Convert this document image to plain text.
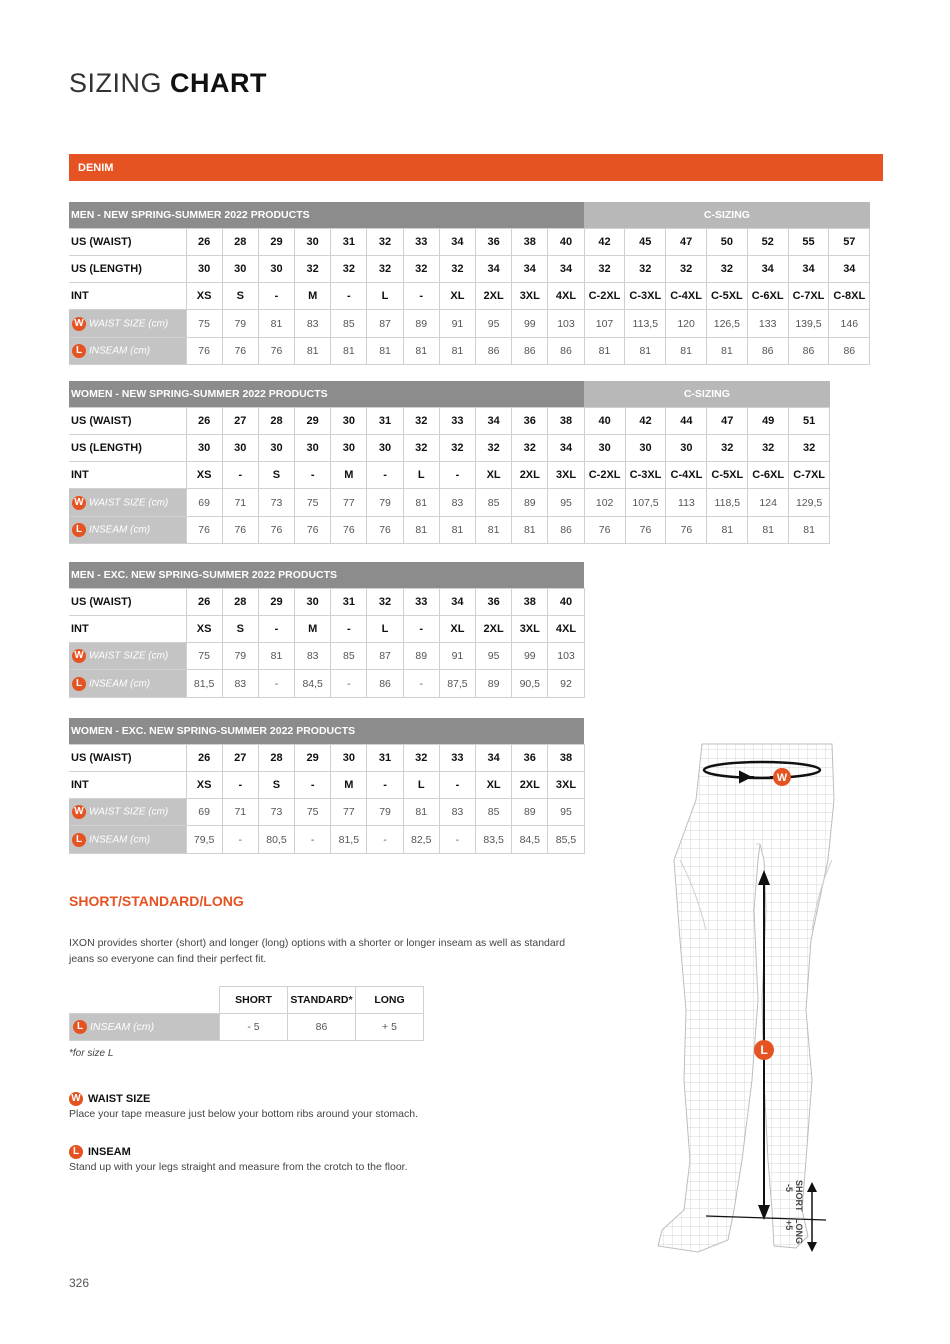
SIZING CHART
DENIM
MEN - NEW SPRING-SUMMER 2022 PRODUCTS												C-SIZING						
US (WAIST)	26	28	29	30	31	32	33	34	36	38	40	42	45	47	50	52	55	57
US (LENGTH)	30	30	30	32	32	32	32	32	34	34	34	32	32	32	32	34	34	34
INT	XS	S	-	M	-	L	-	XL	2XL	3XL	4XL	C-2XL	C-3XL	C-4XL	C-5XL	C-6XL	C-7XL	C-8XL
W WAIST SIZE (cm)	75	79	81	83	85	87	89	91	95	99	103	107	113,5	120	126,5	133	139,5	146
L INSEAM (cm)	76	76	76	81	81	81	81	81	86	86	86	81	81	81	81	86	86	86
WOMEN - NEW SPRING-SUMMER 2022 PRODUCTS												C-SIZING					
US (WAIST)	26	27	28	29	30	31	32	33	34	36	38	40	42	44	47	49	51
US (LENGTH)	30	30	30	30	30	30	32	32	32	32	34	30	30	30	32	32	32
INT	XS	-	S	-	M	-	L	-	XL	2XL	3XL	C-2XL	C-3XL	C-4XL	C-5XL	C-6XL	C-7XL
W WAIST SIZE (cm)	69	71	73	75	77	79	81	83	85	89	95	102	107,5	113	118,5	124	129,5
L INSEAM (cm)	76	76	76	76	76	76	81	81	81	81	86	76	76	76	81	81	81
MEN - EXC. NEW SPRING-SUMMER 2022 PRODUCTS											
US (WAIST)	26	28	29	30	31	32	33	34	36	38	40
INT	XS	S	-	M	-	L	-	XL	2XL	3XL	4XL
W WAIST SIZE (cm)	75	79	81	83	85	87	89	91	95	99	103
L INSEAM (cm)	81,5	83	-	84,5	-	86	-	87,5	89	90,5	92
WOMEN - EXC. NEW SPRING-SUMMER 2022 PRODUCTS											
US (WAIST)	26	27	28	29	30	31	32	33	34	36	38
INT	XS	-	S	-	M	-	L	-	XL	2XL	3XL
W WAIST SIZE (cm)	69	71	73	75	77	79	81	83	85	89	95
L INSEAM (cm)	79,5	-	80,5	-	81,5	-	82,5	-	83,5	84,5	85,5
SHORT/STANDARD/LONG
IXON provides shorter (short) and longer (long) options with a shorter or longer inseam as well as standard jeans so everyone can find their perfect fit.
	SHORT	STANDARD*	LONG
L INSEAM (cm)	- 5	86	+ 5
*for size L
W WAIST SIZE
Place your tape measure just below your bottom ribs around your stomach.
L INSEAM
Stand up with your legs straight and measure from the crotch to the floor.
326
W
L
SHORT
LONG
-5
+5
